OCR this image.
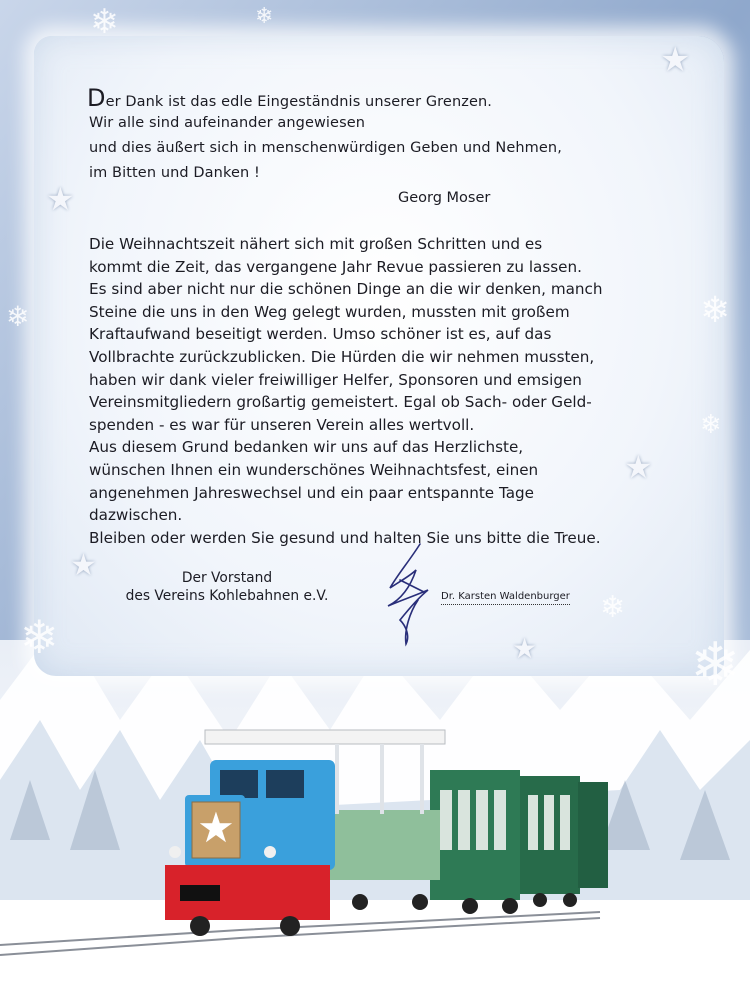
❄	❄
❄
❄
❄
❄
❄
❄
★
★
★
★
★
★

Der Dank ist das edle Eingeständnis unserer Grenzen.

Wir alle sind aufeinander angewiesen

und dies äußert sich in menschenwürdigen Geben und Nehmen,

im Bitten und Danken !

Georg Moser

Die Weihnachtszeit nähert sich mit großen Schritten und es

kommt die Zeit, das vergangene Jahr Revue passieren zu lassen.

Es sind aber nicht nur die schönen Dinge an die wir denken, manch

Steine die uns in den Weg gelegt wurden, mussten mit großem

Kraftaufwand beseitigt werden. Umso schöner ist es, auf das

Vollbrachte zurückzublicken. Die Hürden die wir nehmen mussten,

haben wir dank vieler freiwilliger Helfer, Sponsoren und emsigen

Vereinsmitgliedern großartig gemeistert. Egal ob Sach- oder Geld-

spenden - es war für unseren Verein alles wertvoll.

Aus diesem Grund bedanken wir uns auf das Herzlichste,

wünschen Ihnen ein wunderschönes Weihnachtsfest, einen

angenehmen Jahreswechsel und ein paar entspannte Tage

dazwischen.

Bleiben oder werden Sie gesund und halten Sie uns bitte die Treue.

Der Vorstand
des Vereins Kohlebahnen e.V.	Dr. Karsten Waldenburger
